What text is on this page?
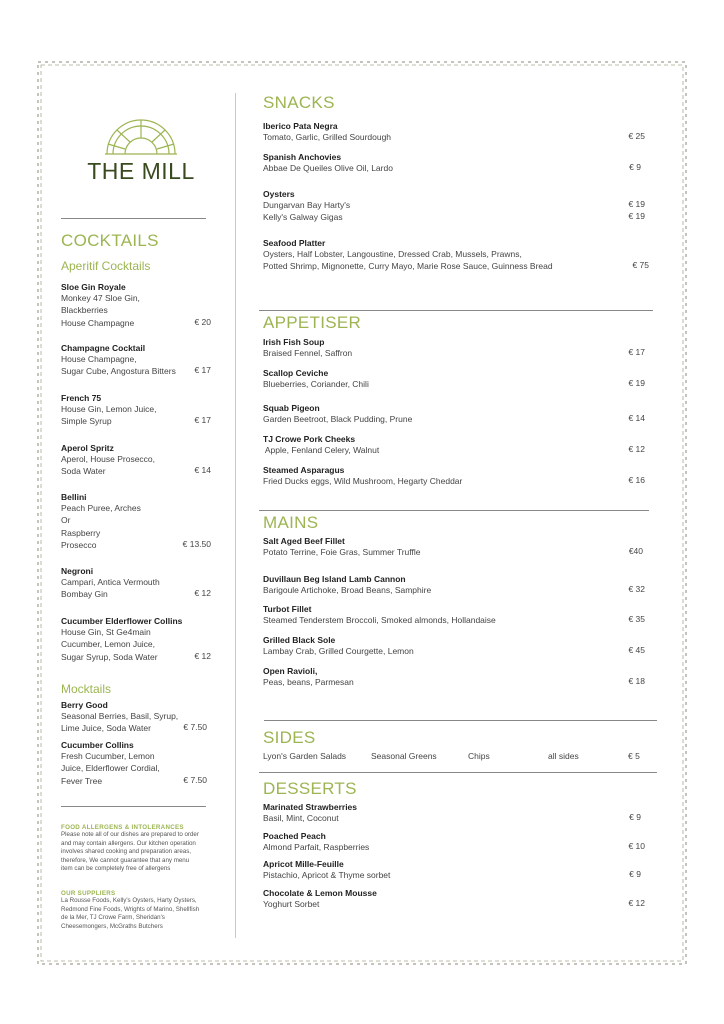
THE MILL
COCKTAILS
Aperitif Cocktails
Sloe Gin Royale
Monkey 47 Sloe Gin,
Blackberries
House Champagne	€ 20
Champagne Cocktail
House Champagne,
Sugar Cube, Angostura Bitters € 17
French 75
House Gin, Lemon Juice,
Simple Syrup	€ 17
Aperol Spritz
Aperol, House Prosecco,
Soda Water	€ 14
Bellini
Peach Puree, Arches
Or
Raspberry
Prosecco	€ 13.50
Negroni
Campari, Antica Vermouth
Bombay Gin	€ 12
Cucumber Elderflower Collins
House Gin, St Ge4main
Cucumber, Lemon Juice,
Sugar Syrup, Soda Water	€ 12
Mocktails
Berry Good
Seasonal Berries, Basil, Syrup,
Lime Juice, Soda Water	€ 7.50
Cucumber Collins
Fresh Cucumber, Lemon
Juice, Elderflower Cordial,
Fever Tree	€ 7.50
FOOD ALLERGENS & INTOLERANCES
Please note all of our dishes are prepared to order
and may contain allergens. Our kitchen operation
involves shared cooking and preparation areas,
therefore, We cannot guarantee that any menu
item can be completely free of allergens
OUR SUPPLIERS
La Rousse Foods, Kelly's Oysters, Harty Oysters,
Redmond Fine Foods, Wrights of Marino, Shellfish
de la Mer, TJ Crowe Farm, Sheridan's
Cheesemongers, McGraths Butchers
SNACKS
Iberico Pata Negra
Tomato, Garlic, Grilled Sourdough	€ 25
Spanish Anchovies
Abbae De Queiles Olive Oil, Lardo	€ 9
Oysters
Dungarvan Bay Harty's	€ 19
Kelly's Galway Gigas	€ 19
Seafood Platter
Oysters, Half Lobster, Langoustine, Dressed Crab, Mussels, Prawns,
Potted Shrimp, Mignonette, Curry Mayo, Marie Rose Sauce, Guinness Bread	€ 75
APPETISER
Irish Fish Soup
Braised Fennel, Saffron	€ 17
Scallop Ceviche
Blueberries, Coriander, Chili	€ 19
Squab Pigeon
Garden Beetroot, Black Pudding, Prune	€ 14
TJ Crowe Pork Cheeks
Apple, Fenland Celery, Walnut	€ 12
Steamed Asparagus
Fried Ducks eggs, Wild Mushroom, Hegarty Cheddar	€ 16
MAINS
Salt Aged Beef Fillet
Potato Terrine, Foie Gras, Summer Truffle	€40
Duvillaun Beg Island Lamb Cannon
Barigoule Artichoke, Broad Beans, Samphire	€ 32
Turbot Fillet
Steamed Tenderstem Broccoli, Smoked almonds, Hollandaise	€ 35
Grilled Black Sole
Lambay Crab, Grilled Courgette, Lemon	€ 45
Open Ravioli,
Peas, beans, Parmesan	€ 18
SIDES
Lyon's Garden Salads	Seasonal Greens	Chips	all sides	€ 5
DESSERTS
Marinated Strawberries
Basil, Mint, Coconut	€ 9
Poached Peach
Almond Parfait, Raspberries	€ 10
Apricot Mille-Feuille
Pistachio, Apricot & Thyme sorbet	€ 9
Chocolate & Lemon Mousse
Yoghurt Sorbet	€ 12
